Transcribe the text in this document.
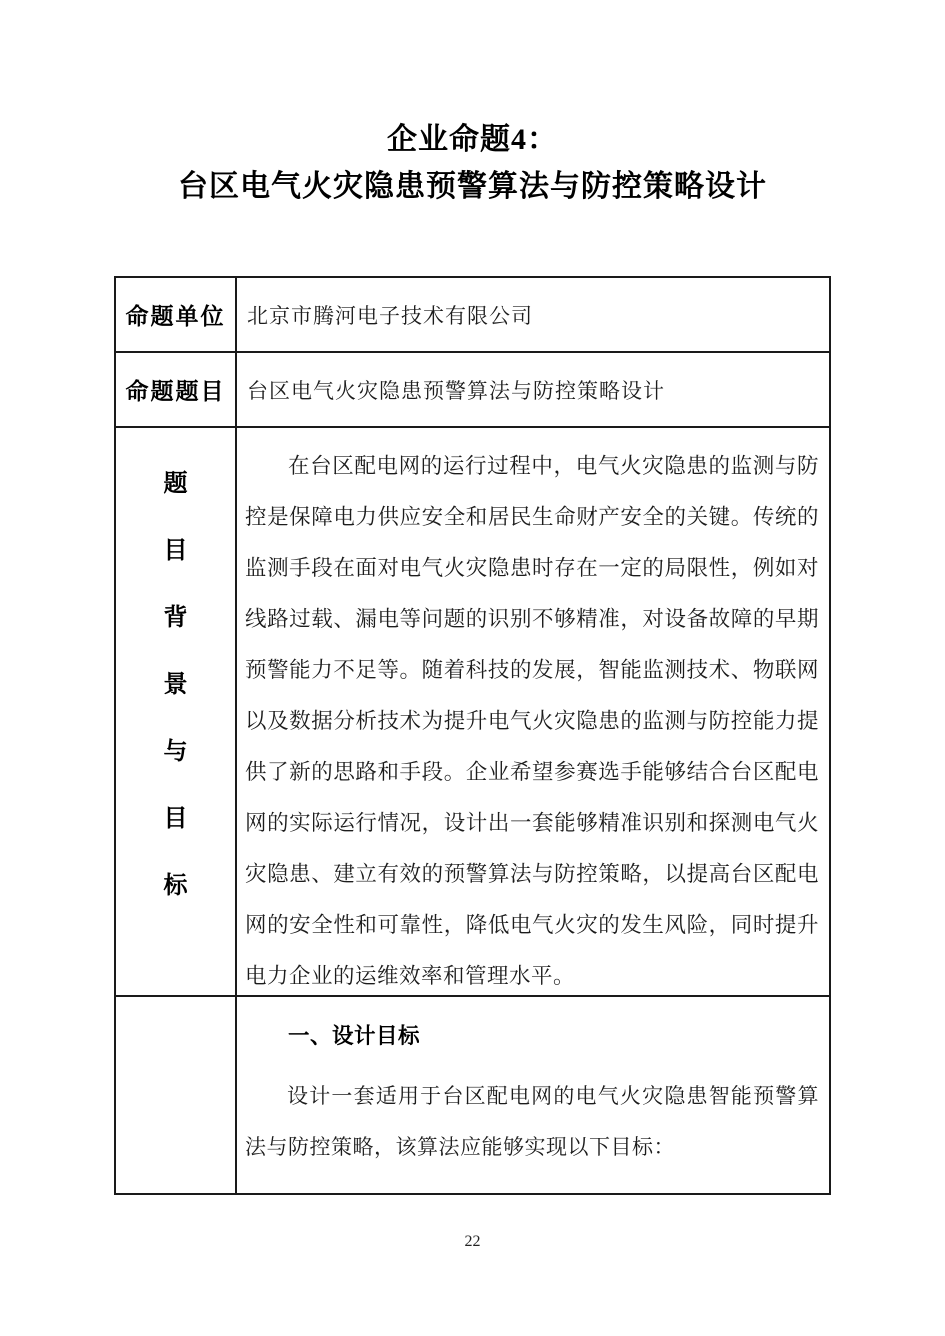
企业命题4：
台区电气火灾隐患预警算法与防控策略设计
命题单位	北京市腾河电子技术有限公司
命题题目	台区电气火灾隐患预警算法与防控策略设计
题
目
背
景
与
目
标

在台区配电网的运行过程中，电气火灾隐患的监测与防控是保障电力供应安全和居民生命财产安全的关键。传统的监测手段在面对电气火灾隐患时存在一定的局限性，例如对线路过载、漏电等问题的识别不够精准，对设备故障的早期预警能力不足等。随着科技的发展，智能监测技术、物联网以及数据分析技术为提升电气火灾隐患的监测与防控能力提供了新的思路和手段。企业希望参赛选手能够结合台区配电网的实际运行情况，设计出一套能够精准识别和探测电气火灾隐患、建立有效的预警算法与防控策略，以提高台区配电网的安全性和可靠性，降低电气火灾的发生风险，同时提升电力企业的运维效率和管理水平。

一、设计目标

设计一套适用于台区配电网的电气火灾隐患智能预警算法与防控策略，该算法应能够实现以下目标：

22
